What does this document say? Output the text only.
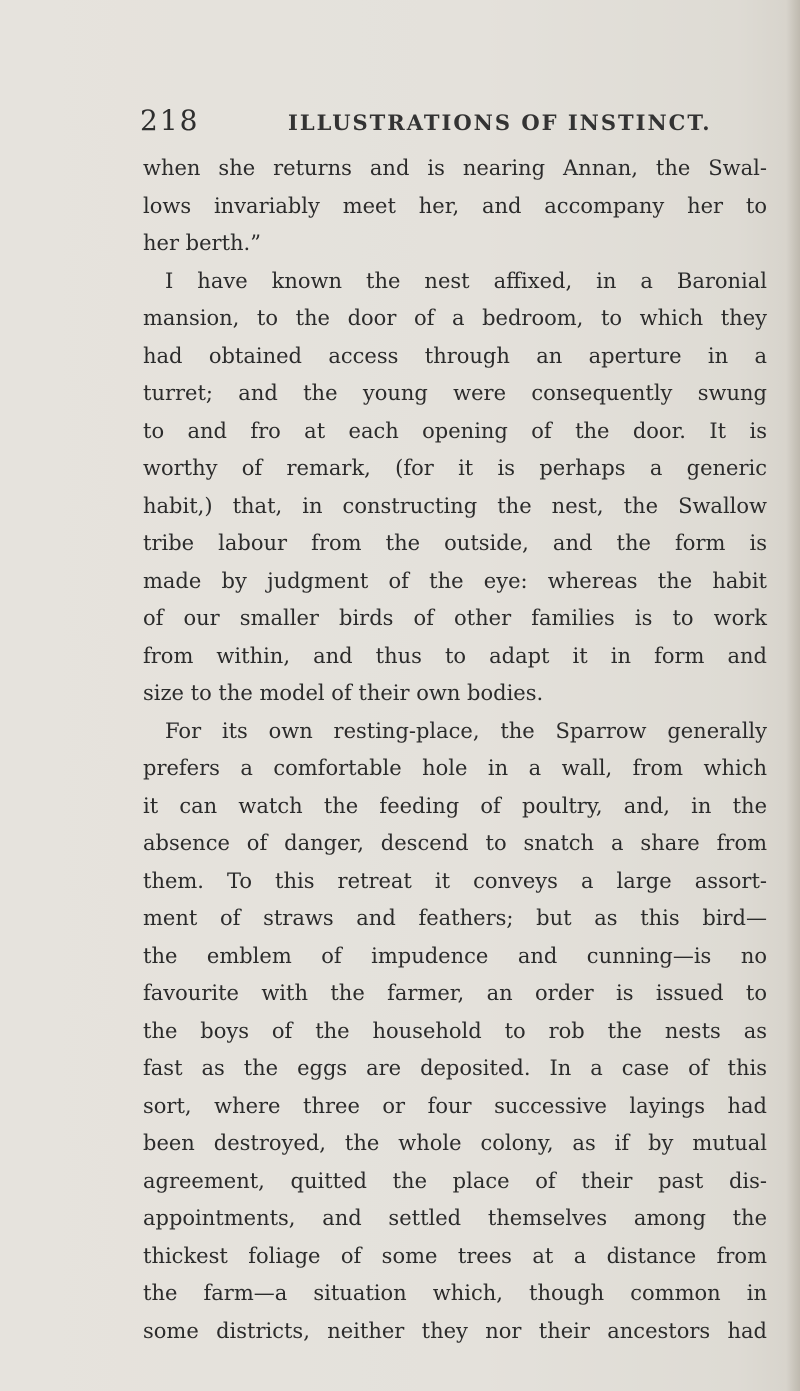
218	ILLUSTRATIONS OF INSTINCT.
when she returns and is nearing Annan, the Swal-
lows invariably meet her, and accompany her to
her berth.”
I have known the nest affixed, in a Baronial
mansion, to the door of a bedroom, to which they
had obtained access through an aperture in a
turret; and the young were consequently swung
to and fro at each opening of the door. It is
worthy of remark, (for it is perhaps a generic
habit,) that, in constructing the nest, the Swallow
tribe labour from the outside, and the form is
made by judgment of the eye: whereas the habit
of our smaller birds of other families is to work
from within, and thus to adapt it in form and
size to the model of their own bodies.
For its own resting-place, the Sparrow generally
prefers a comfortable hole in a wall, from which
it can watch the feeding of poultry, and, in the
absence of danger, descend to snatch a share from
them. To this retreat it conveys a large assort-
ment of straws and feathers; but as this bird—
the emblem of impudence and cunning—is no
favourite with the farmer, an order is issued to
the boys of the household to rob the nests as
fast as the eggs are deposited. In a case of this
sort, where three or four successive layings had
been destroyed, the whole colony, as if by mutual
agreement, quitted the place of their past dis-
appointments, and settled themselves among the
thickest foliage of some trees at a distance from
the farm—a situation which, though common in
some districts, neither they nor their ancestors had
